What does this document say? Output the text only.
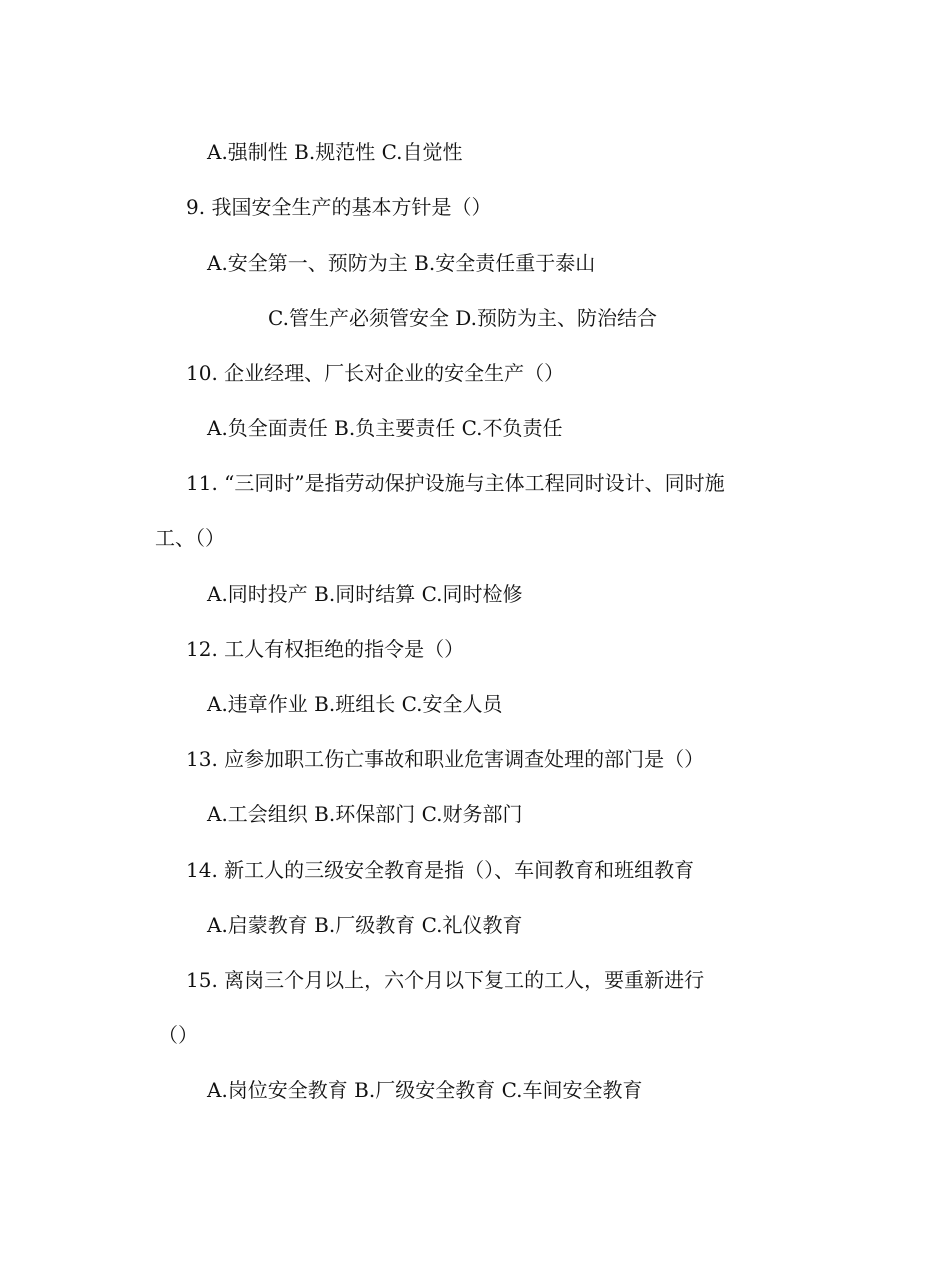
A.强制性 B.规范性 C.自觉性
9. 我国安全生产的基本方针是（）
A.安全第一、预防为主 B.安全责任重于泰山
C.管生产必须管安全 D.预防为主、防治结合
10. 企业经理、厂长对企业的安全生产（）
A.负全面责任 B.负主要责任 C.不负责任
11. “三同时”是指劳动保护设施与主体工程同时设计、同时施
工、（）
A.同时投产 B.同时结算 C.同时检修
12. 工人有权拒绝的指令是（）
A.违章作业 B.班组长 C.安全人员
13. 应参加职工伤亡事故和职业危害调查处理的部门是（）
A.工会组织 B.环保部门 C.财务部门
14. 新工人的三级安全教育是指（）、车间教育和班组教育
A.启蒙教育 B.厂级教育 C.礼仪教育
15. 离岗三个月以上，六个月以下复工的工人，要重新进行
（）
A.岗位安全教育 B.厂级安全教育 C.车间安全教育
